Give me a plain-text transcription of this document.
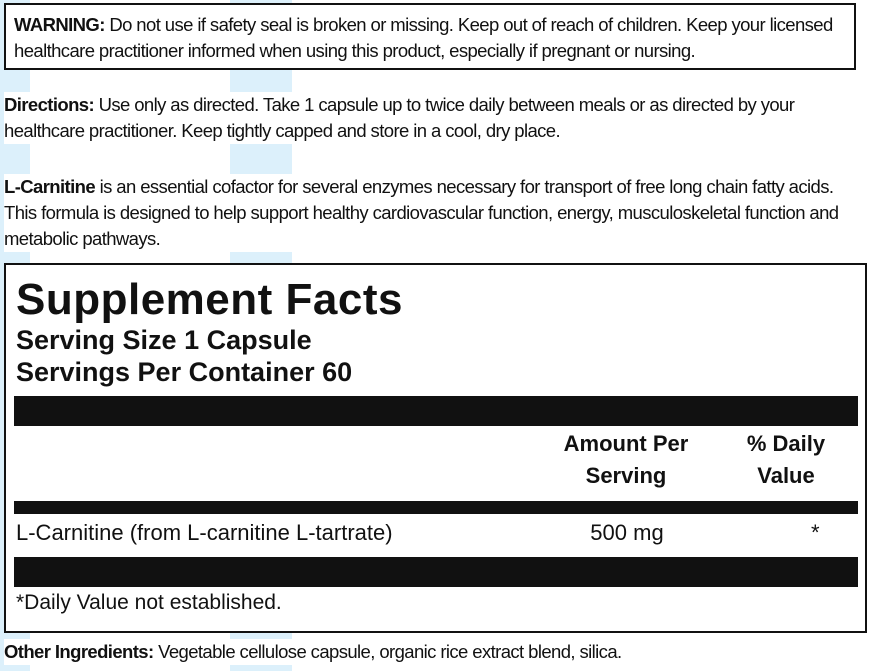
WARNING: Do not use if safety seal is broken or missing. Keep out of reach of children. Keep your licensed healthcare practitioner informed when using this product, especially if pregnant or nursing.
Directions: Use only as directed. Take 1 capsule up to twice daily between meals or as directed by your healthcare practitioner. Keep tightly capped and store in a cool, dry place.
L-Carnitine is an essential cofactor for several enzymes necessary for transport of free long chain fatty acids. This formula is designed to help support healthy cardiovascular function, energy, musculoskeletal function and metabolic pathways.
Supplement Facts
Serving Size 1 Capsule
Servings Per Container 60
Amount Per Serving
% Daily Value
L-Carnitine (from L-carnitine L-tartrate)	500 mg	*
*Daily Value not established.
Other Ingredients: Vegetable cellulose capsule, organic rice extract blend, silica.
